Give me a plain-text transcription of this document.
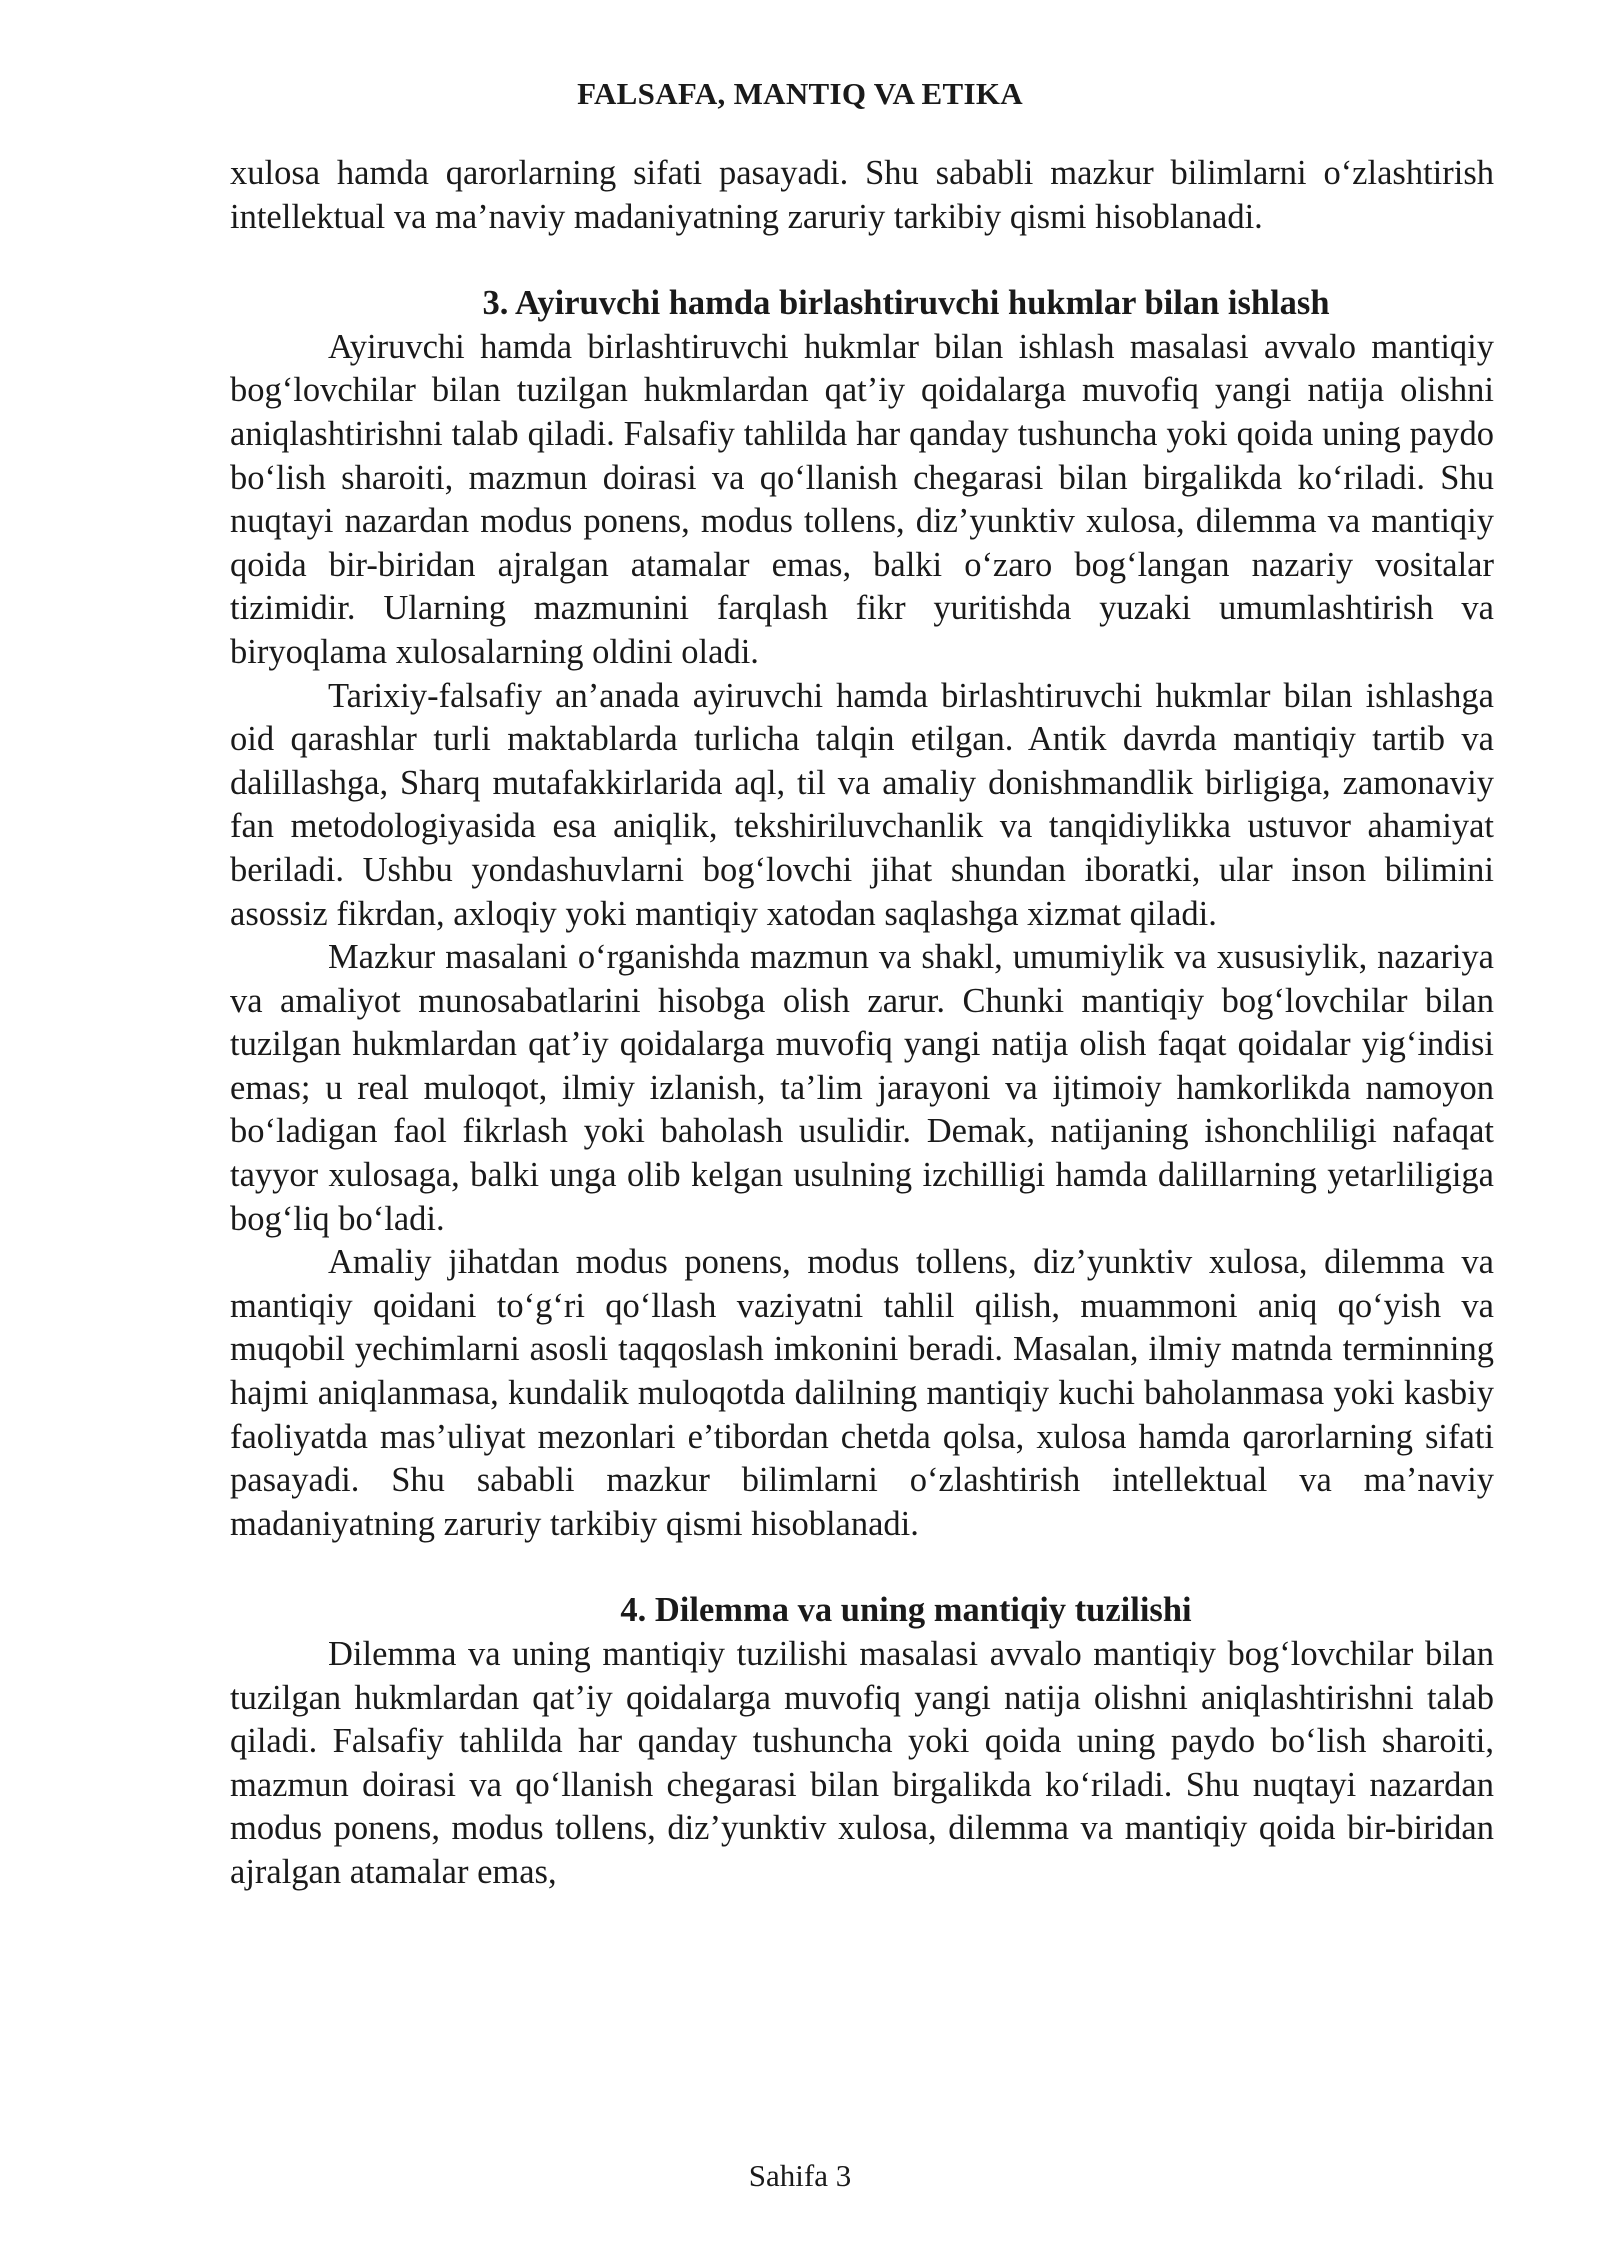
FALSAFA, MANTIQ VA ETIKA

xulosa hamda qarorlarning sifati pasayadi. Shu sababli mazkur bilimlarni o‘zlashtirish intellektual va ma’naviy madaniyatning zaruriy tarkibiy qismi hisoblanadi.

3. Ayiruvchi hamda birlashtiruvchi hukmlar bilan ishlash

Ayiruvchi hamda birlashtiruvchi hukmlar bilan ishlash masalasi avvalo mantiqiy bog‘lovchilar bilan tuzilgan hukmlardan qat’iy qoidalarga muvofiq yangi natija olishni aniqlashtirishni talab qiladi. Falsafiy tahlilda har qanday tushuncha yoki qoida uning paydo bo‘lish sharoiti, mazmun doirasi va qo‘llanish chegarasi bilan birgalikda ko‘riladi. Shu nuqtayi nazardan modus ponens, modus tollens, diz’yunktiv xulosa, dilemma va mantiqiy qoida bir-biridan ajralgan atamalar emas, balki o‘zaro bog‘langan nazariy vositalar tizimidir. Ularning mazmunini farqlash fikr yuritishda yuzaki umumlashtirish va biryoqlama xulosalarning oldini oladi.

Tarixiy-falsafiy an’anada ayiruvchi hamda birlashtiruvchi hukmlar bilan ishlashga oid qarashlar turli maktablarda turlicha talqin etilgan. Antik davrda mantiqiy tartib va dalillashga, Sharq mutafakkirlarida aql, til va amaliy donishmandlik birligiga, zamonaviy fan metodologiyasida esa aniqlik, tekshiriluvchanlik va tanqidiylikka ustuvor ahamiyat beriladi. Ushbu yondashuvlarni bog‘lovchi jihat shundan iboratki, ular inson bilimini asossiz fikrdan, axloqiy yoki mantiqiy xatodan saqlashga xizmat qiladi.

Mazkur masalani o‘rganishda mazmun va shakl, umumiylik va xususiylik, nazariya va amaliyot munosabatlarini hisobga olish zarur. Chunki mantiqiy bog‘lovchilar bilan tuzilgan hukmlardan qat’iy qoidalarga muvofiq yangi natija olish faqat qoidalar yig‘indisi emas; u real muloqot, ilmiy izlanish, ta’lim jarayoni va ijtimoiy hamkorlikda namoyon bo‘ladigan faol fikrlash yoki baholash usulidir. Demak, natijaning ishonchliligi nafaqat tayyor xulosaga, balki unga olib kelgan usulning izchilligi hamda dalillarning yetarliligiga bog‘liq bo‘ladi.

Amaliy jihatdan modus ponens, modus tollens, diz’yunktiv xulosa, dilemma va mantiqiy qoidani to‘g‘ri qo‘llash vaziyatni tahlil qilish, muammoni aniq qo‘yish va muqobil yechimlarni asosli taqqoslash imkonini beradi. Masalan, ilmiy matnda terminning hajmi aniqlanmasa, kundalik muloqotda dalilning mantiqiy kuchi baholanmasa yoki kasbiy faoliyatda mas’uliyat mezonlari e’tibordan chetda qolsa, xulosa hamda qarorlarning sifati pasayadi. Shu sababli mazkur bilimlarni o‘zlashtirish intellektual va ma’naviy madaniyatning zaruriy tarkibiy qismi hisoblanadi.

4. Dilemma va uning mantiqiy tuzilishi

Dilemma va uning mantiqiy tuzilishi masalasi avvalo mantiqiy bog‘lovchilar bilan tuzilgan hukmlardan qat’iy qoidalarga muvofiq yangi natija olishni aniqlashtirishni talab qiladi. Falsafiy tahlilda har qanday tushuncha yoki qoida uning paydo bo‘lish sharoiti, mazmun doirasi va qo‘llanish chegarasi bilan birgalikda ko‘riladi. Shu nuqtayi nazardan modus ponens, modus tollens, diz’yunktiv xulosa, dilemma va mantiqiy qoida bir-biridan ajralgan atamalar emas,

Sahifa 3
